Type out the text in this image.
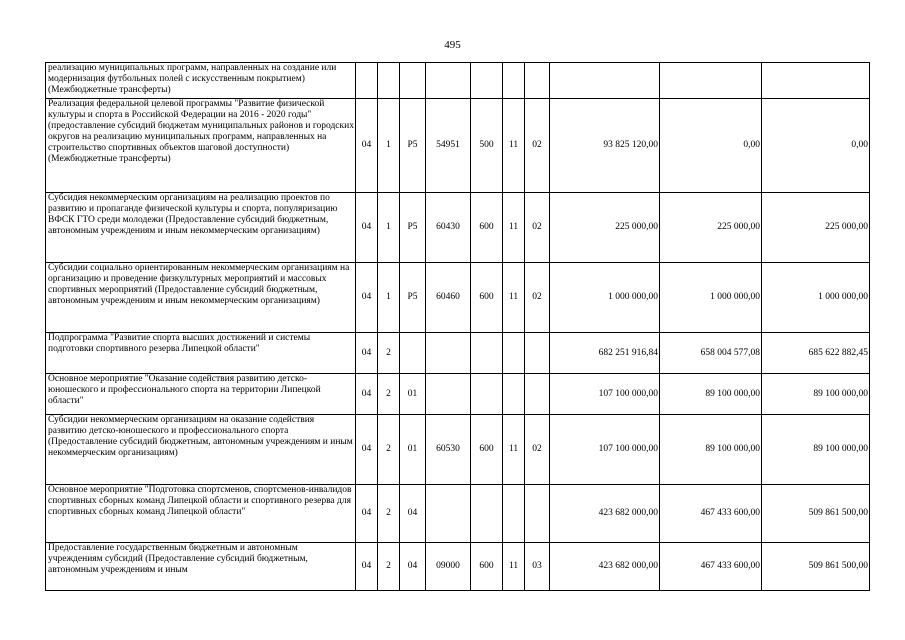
495
реализацию муниципальных программ, направленных на создание или модернизация футбольных полей с искусственным покрытием) (Межбюджетные трансферты)										
Реализация федеральной целевой программы "Развитие физической культуры и спорта в Российской Федерации на 2016 - 2020 годы" (предоставление субсидий бюджетам муниципальных районов и городских округов на реализацию муниципальных программ, направленных на строительство спортивных объектов шаговой доступности) (Межбюджетные трансферты)	04	1	P5	54951	500	11	02	93 825 120,00	0,00	0,00
Субсидия некоммерческим организациям на реализацию проектов по развитию и пропаганде физической культуры и спорта, популяризацию ВФСК ГТО среди молодежи (Предоставление субсидий бюджетным, автономным учреждениям и иным некоммерческим организациям)	04	1	P5	60430	600	11	02	225 000,00	225 000,00	225 000,00
Субсидии социально ориентированным некоммерческим организациям на организацию и проведение физкультурных мероприятий и массовых спортивных мероприятий (Предоставление субсидий бюджетным, автономным учреждениям и иным некоммерческим организациям)	04	1	P5	60460	600	11	02	1 000 000,00	1 000 000,00	1 000 000,00
Подпрограмма "Развитие спорта высших достижений и системы подготовки спортивного резерва Липецкой области"	04	2						682 251 916,84	658 004 577,08	685 622 882,45
Основное мероприятие "Оказание содействия развитию детско-юношеского и профессионального спорта на территории Липецкой области"	04	2	01					107 100 000,00	89 100 000,00	89 100 000,00
Субсидии некоммерческим организациям на оказание содействия развитию детско-юношеского и профессионального спорта (Предоставление субсидий бюджетным, автономным учреждениям и иным некоммерческим организациям)	04	2	01	60530	600	11	02	107 100 000,00	89 100 000,00	89 100 000,00
Основное мероприятие "Подготовка спортсменов, спортсменов-инвалидов спортивных сборных команд Липецкой области и спортивного резерва для спортивных сборных команд Липецкой области"	04	2	04					423 682 000,00	467 433 600,00	509 861 500,00
Предоставление государственным бюджетным и автономным учреждениям субсидий (Предоставление субсидий бюджетным, автономным учреждениям и иным	04	2	04	09000	600	11	03	423 682 000,00	467 433 600,00	509 861 500,00
